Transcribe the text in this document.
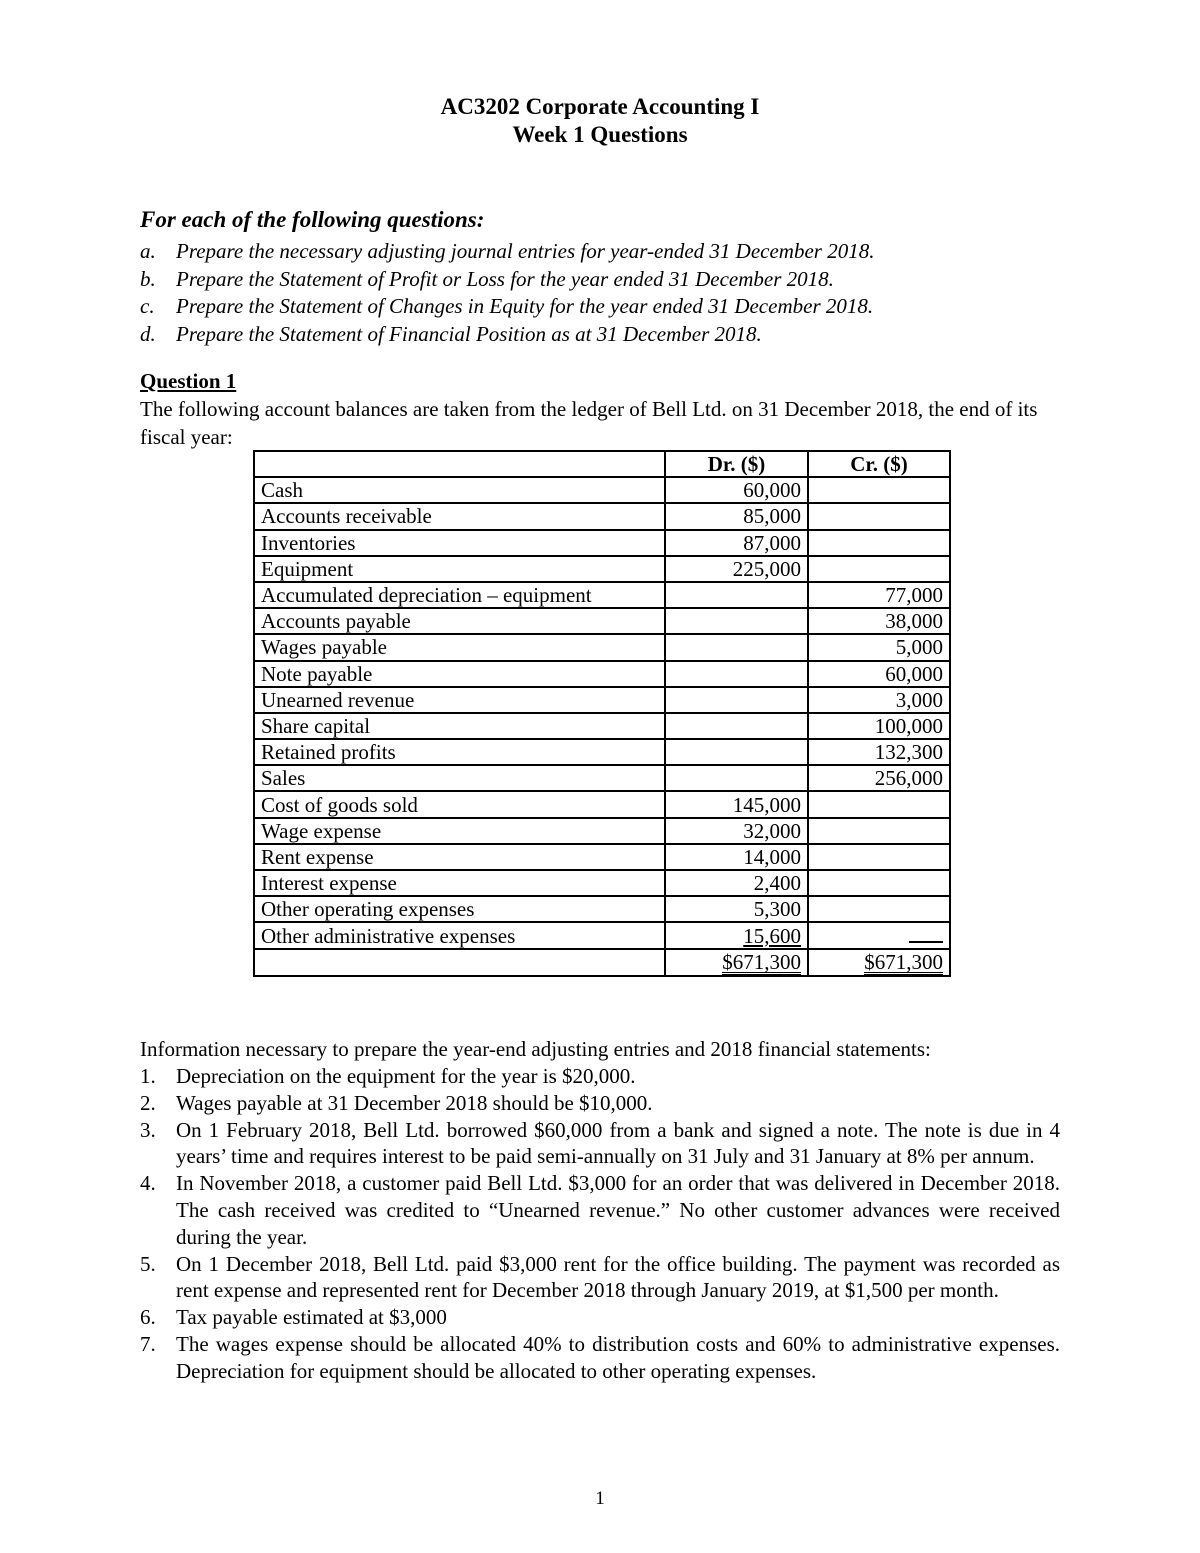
AC3202 Corporate Accounting I
Week 1 Questions
For each of the following questions:
a. Prepare the necessary adjusting journal entries for year-ended 31 December 2018.
b. Prepare the Statement of Profit or Loss for the year ended 31 December 2018.
c.	Prepare the Statement of Changes in Equity for the year ended 31 December 2018.
d. Prepare the Statement of Financial Position as at 31 December 2018.
Question 1
The following account balances are taken from the ledger of Bell Ltd. on 31 December 2018, the end of its fiscal year:
	Dr. ($)	Cr. ($)
Cash	60,000	
Accounts receivable	85,000	
Inventories	87,000	
Equipment	225,000	
Accumulated depreciation – equipment		77,000
Accounts payable		38,000
Wages payable		5,000
Note payable		60,000
Unearned revenue		3,000
Share capital		100,000
Retained profits		132,300
Sales		256,000
Cost of goods sold	145,000	
Wage expense	32,000	
Rent expense	14,000	
Interest expense	2,400	
Other operating expenses	5,300	
Other administrative expenses	15,600	
	$671,300	$671,300
Information necessary to prepare the year-end adjusting entries and 2018 financial statements:
1. Depreciation on the equipment for the year is $20,000.
2. Wages payable at 31 December 2018 should be $10,000.
3. On 1 February 2018, Bell Ltd. borrowed $60,000 from a bank and signed a note. The note is due in 4 years’ time and requires interest to be paid semi-annually on 31 July and 31 January at 8% per annum.
4. In November 2018, a customer paid Bell Ltd. $3,000 for an order that was delivered in December 2018. The cash received was credited to “Unearned revenue.” No other customer advances were received during the year.
5. On 1 December 2018, Bell Ltd. paid $3,000 rent for the office building. The payment was recorded as rent expense and represented rent for December 2018 through January 2019, at $1,500 per month.
6. Tax payable estimated at $3,000
7. The wages expense should be allocated 40% to distribution costs and 60% to administrative expenses. Depreciation for equipment should be allocated to other operating expenses.
1
